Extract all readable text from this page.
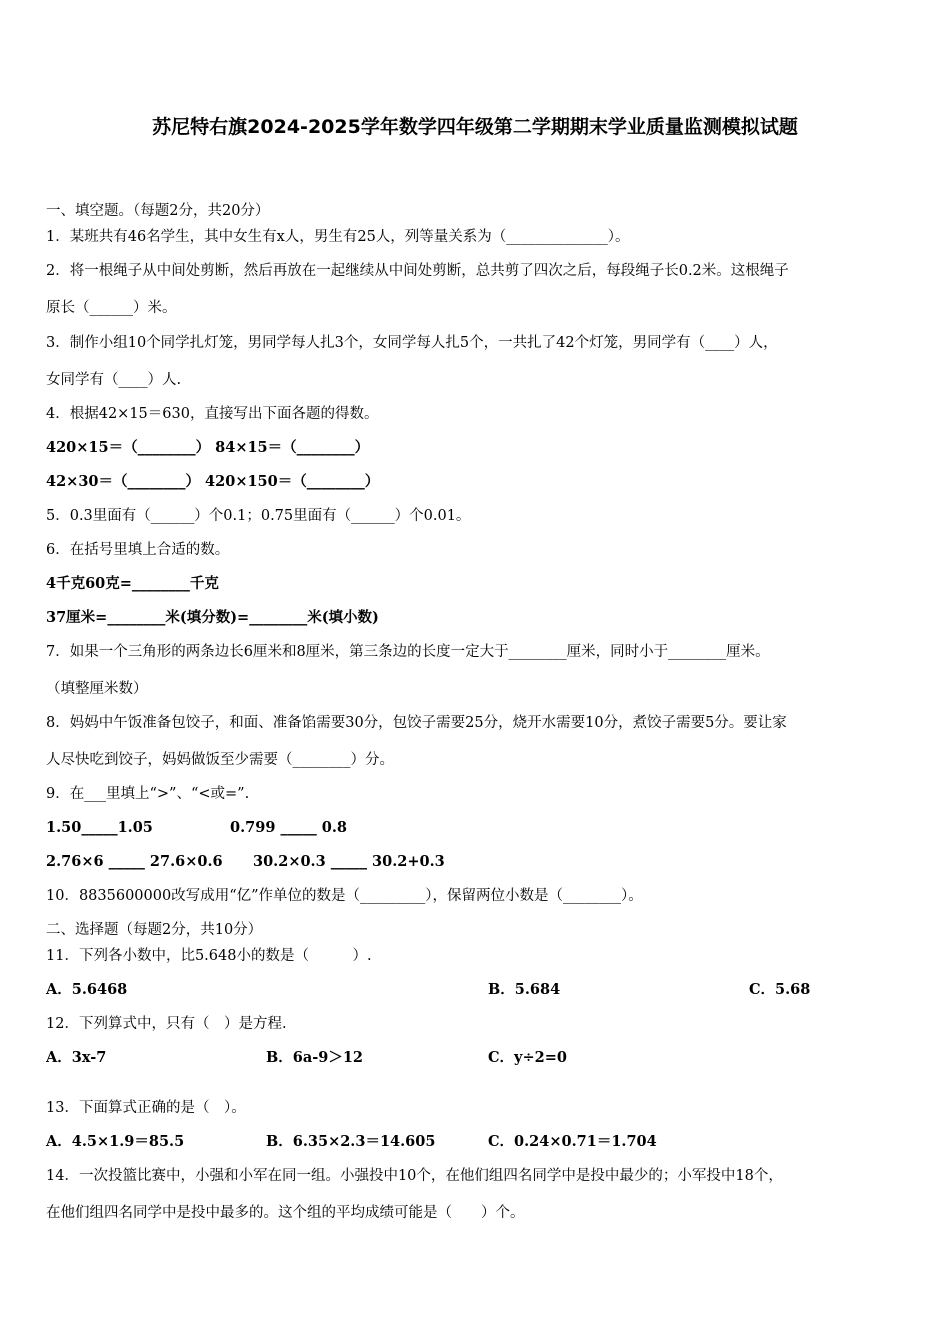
苏尼特右旗2024-2025学年数学四年级第二学期期末学业质量监测模拟试题
一、填空题。（每题2分，共20分）
1．某班共有46名学生，其中女生有x人，男生有25人，列等量关系为（______________）。
2．将一根绳子从中间处剪断，然后再放在一起继续从中间处剪断，总共剪了四次之后，每段绳子长0.2米。这根绳子
原长（______）米。
3．制作小组10个同学扎灯笼，男同学每人扎3个，女同学每人扎5个，一共扎了42个灯笼，男同学有（____）人，
女同学有（____）人.
4．根据42×15＝630，直接写出下面各题的得数。
420×15＝（________） 84×15＝（________）
42×30＝（________） 420×150＝（________）
5．0.3里面有（______）个0.1；0.75里面有（______）个0.01。
6．在括号里填上合适的数。
4千克60克=________千克
37厘米=________米(填分数)=________米(填小数)
7．如果一个三角形的两条边长6厘米和8厘米，第三条边的长度一定大于________厘米，同时小于________厘米。
（填整厘米数）
8．妈妈中午饭准备包饺子，和面、准备馅需要30分，包饺子需要25分，烧开水需要10分，煮饺子需要5分。要让家
人尽快吃到饺子，妈妈做饭至少需要（________）分。
9．在___里填上“>”、“<或=”.
1.50_____1.05	0.799 _____ 0.8
2.76×6 _____ 27.6×0.6 30.2×0.3 _____ 30.2+0.3
10．8835600000改写成用“亿”作单位的数是（_________），保留两位小数是（________）。
二、选择题（每题2分，共10分）
11．下列各小数中，比5.648小的数是（　　　）.
A．5.6468	B．5.684	C．5.68
12．下列算式中，只有（　）是方程.
A．3x-7	B．6a-9＞12	C．y÷2=0
13．下面算式正确的是（　）。
A．4.5×1.9＝85.5	B．6.35×2.3＝14.605	C．0.24×0.71＝1.704
14．一次投篮比赛中，小强和小军在同一组。小强投中10个，在他们组四名同学中是投中最少的；小军投中18个，
在他们组四名同学中是投中最多的。这个组的平均成绩可能是（　　）个。
